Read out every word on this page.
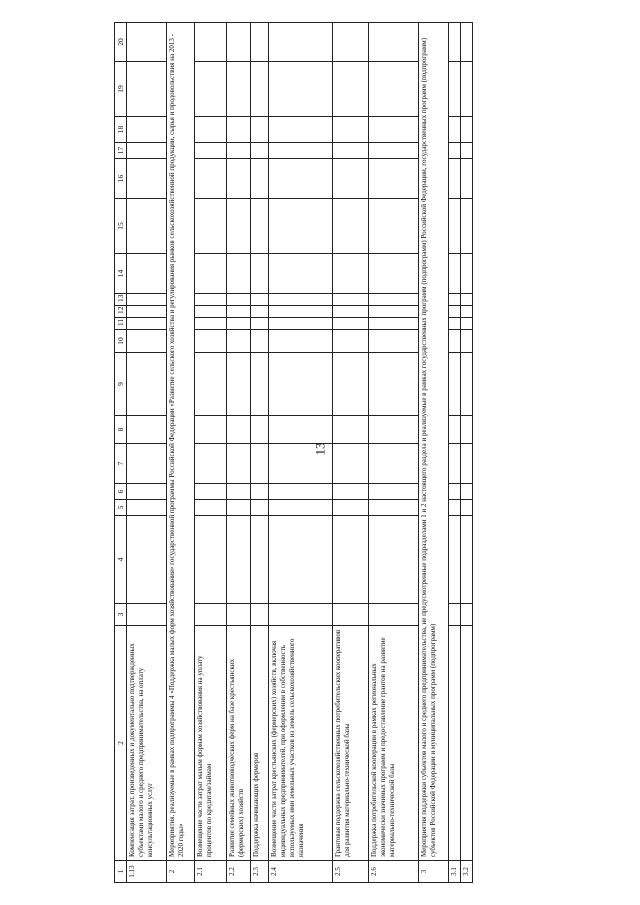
13
1	2	3	4	5	6	7	8	9	10	11	12	13	14	15	16	17	18	19	20
1.13	Компенсация затрат, произведенных и документально подтвержденных субъектами малого и среднего предпринимательства, на оплату консультационных услуг																		
2	Мероприятия, реализуемые в рамках подпрограммы 4 «Поддержка малых форм хозяйствования» государственной программы Российской Федерации «Развитие сельского хозяйства и регулирования рынков сельскохозяйственной продукции, сырья и продовольствия на 2013 - 2020 годы»																		
2.1	Возмещение части затрат малым формам хозяйствования на уплату процентов по кредитам/займам																		
2.2	Развитие семейных животноводческих ферм на базе крестьянских (фермерских) хозяйств																		
2.3	Поддержка начинающих фермеров																		
2.4	Возмещение части затрат крестьянских (фермерских) хозяйств, включая индивидуальных предпринимателей, при оформлении в собственность используемых ими земельных участков из земель сельскохозяйственного назначения																		
2.5	Грантовая поддержка сельскохозяйственных потребительских кооперативов для развития материально-технической базы																		
2.6	Поддержка потребительской кооперации в рамках региональных экономически значимых программ и предоставление грантов на развитие материально-технической базы																		
3	Мероприятия поддержки субъектов малого и среднего предпринимательства, не предусмотренные подразделами 1 и 2 настоящего раздела и реализуемые в рамках государственных программ (подпрограмм) Российской Федерации, государственных программ (подпрограмм) субъектов Российской Федерации и муниципальных программ (подпрограмм)																		
3.1																			
3.2																			
